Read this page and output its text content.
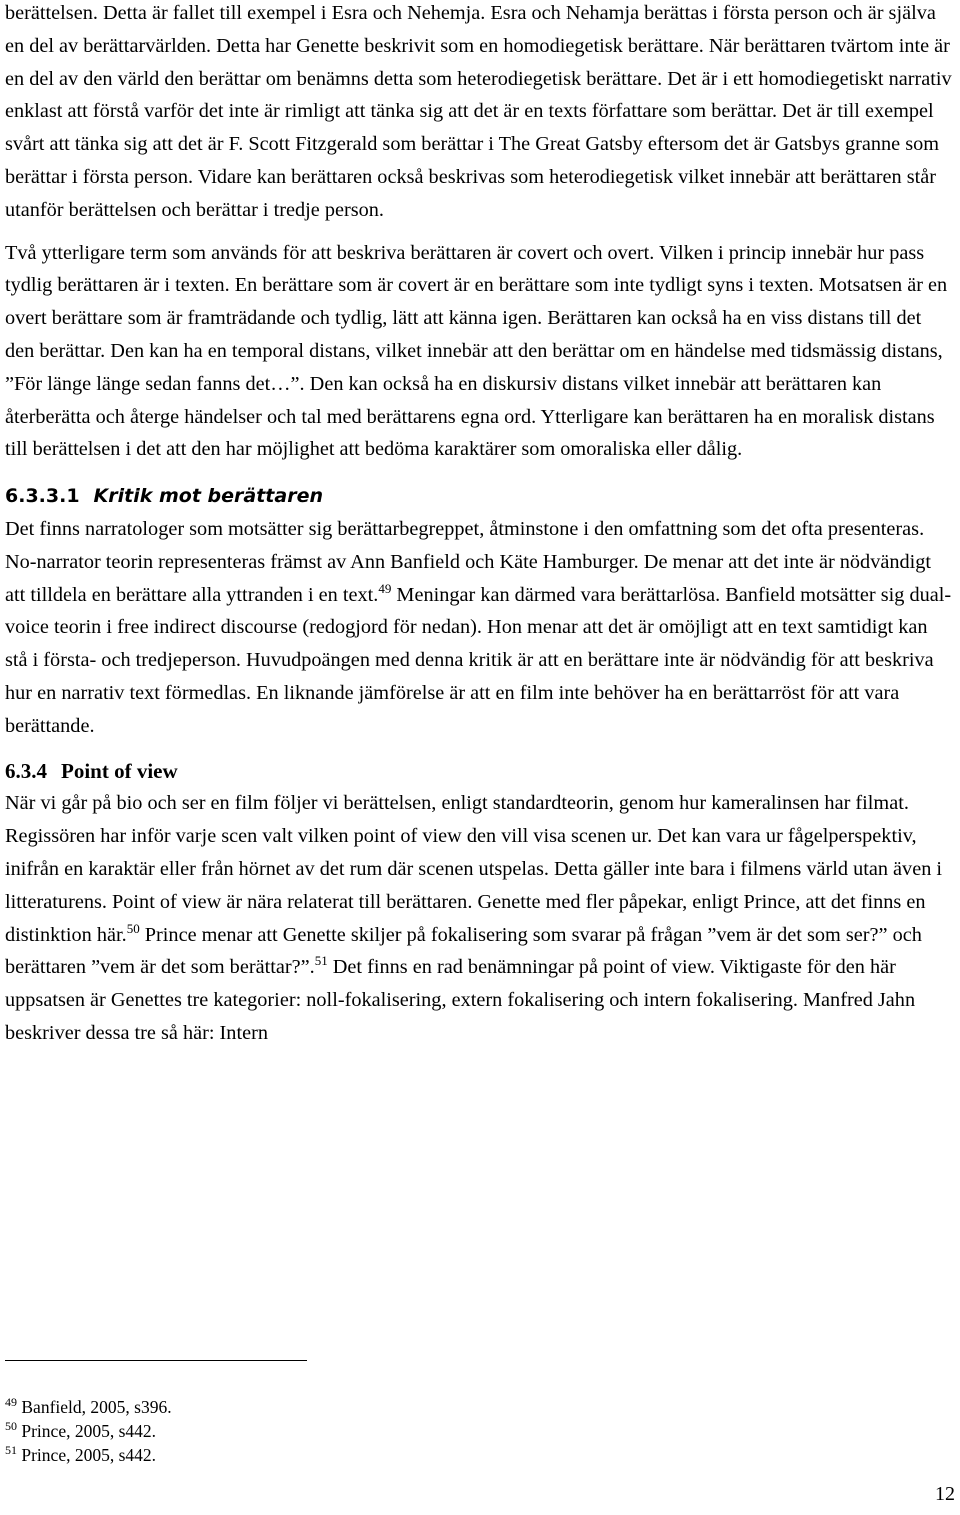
berättelsen. Detta är fallet till exempel i Esra och Nehemja. Esra och Nehamja berättas i första person och är själva en del av berättarvärlden. Detta har Genette beskrivit som en homodiegetisk berättare. När berättaren tvärtom inte är en del av den värld den berättar om benämns detta som heterodiegetisk berättare. Det är i ett homodiegetiskt narrativ enklast att förstå varför det inte är rimligt att tänka sig att det är en texts författare som berättar. Det är till exempel svårt att tänka sig att det är F. Scott Fitzgerald som berättar i The Great Gatsby eftersom det är Gatsbys granne som berättar i första person. Vidare kan berättaren också beskrivas som heterodiegetisk vilket innebär att berättaren står utanför berättelsen och berättar i tredje person.

Två ytterligare term som används för att beskriva berättaren är covert och overt. Vilken i princip innebär hur pass tydlig berättaren är i texten. En berättare som är covert är en berättare som inte tydligt syns i texten. Motsatsen är en overt berättare som är framträdande och tydlig, lätt att känna igen. Berättaren kan också ha en viss distans till det den berättar. Den kan ha en temporal distans, vilket innebär att den berättar om en händelse med tidsmässig distans, ”För länge länge sedan fanns det…”. Den kan också ha en diskursiv distans vilket innebär att berättaren kan återberätta och återge händelser och tal med berättarens egna ord. Ytterligare kan berättaren ha en moralisk distans till berättelsen i det att den har möjlighet att bedöma karaktärer som omoraliska eller dålig.

6.3.3.1 Kritik mot berättaren

Det finns narratologer som motsätter sig berättarbegreppet, åtminstone i den omfattning som det ofta presenteras. No-narrator teorin representeras främst av Ann Banfield och Käte Hamburger. De menar att det inte är nödvändigt att tilldela en berättare alla yttranden i en text.$^{49}$ Meningar kan därmed vara berättarlösa. Banfield motsätter sig dual-voice teorin i free indirect discourse (redogjord för nedan). Hon menar att det är omöjligt att en text samtidigt kan stå i första- och tredjeperson. Huvudpoängen med denna kritik är att en berättare inte är nödvändig för att beskriva hur en narrativ text förmedlas. En liknande jämförelse är att en film inte behöver ha en berättarröst för att vara berättande.

6.3.4 Point of view

När vi går på bio och ser en film följer vi berättelsen, enligt standardteorin, genom hur kameralinsen har filmat. Regissören har inför varje scen valt vilken point of view den vill visa scenen ur. Det kan vara ur fågelperspektiv, inifrån en karaktär eller från hörnet av det rum där scenen utspelas. Detta gäller inte bara i filmens värld utan även i litteraturens. Point of view är nära relaterat till berättaren. Genette med fler påpekar, enligt Prince, att det finns en distinktion här.$^{50}$ Prince menar att Genette skiljer på fokalisering som svarar på frågan ”vem är det som ser?” och berättaren ”vem är det som berättar?”.$^{51}$ Det finns en rad benämningar på point of view. Viktigaste för den här uppsatsen är Genettes tre kategorier: noll-fokalisering, extern fokalisering och intern fokalisering. Manfred Jahn beskriver dessa tre så här: Intern

$^{49}$ Banfield, 2005, s396.

$^{50}$ Prince, 2005, s442.

$^{51}$ Prince, 2005, s442.

12
